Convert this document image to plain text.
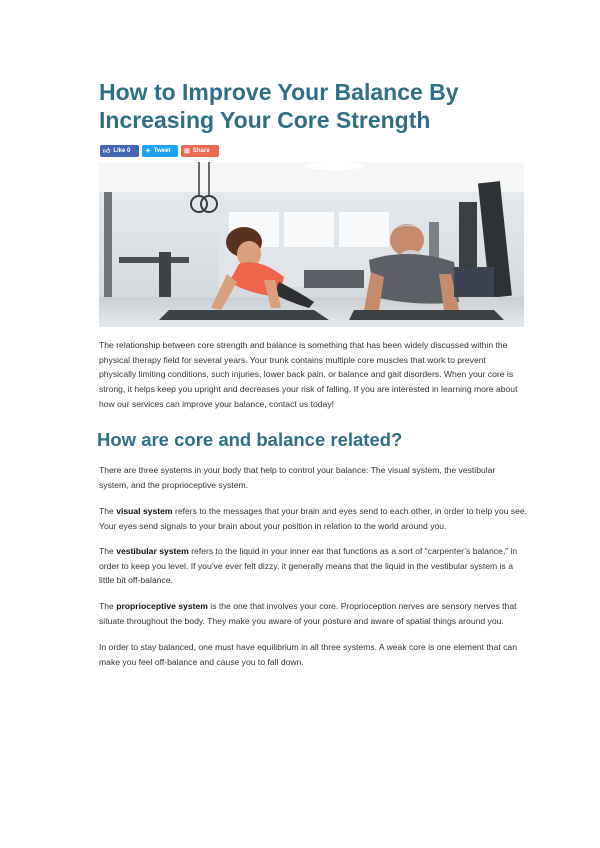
How to Improve Your Balance By
Increasing Your Core Strength
👍︎ Like 0 ✦ Tweet ⊞ Share

The relationship between core strength and balance is something that has been widely discussed within the
physical therapy field for several years. Your trunk contains multiple core muscles that work to prevent
physically limiting conditions, such injuries, lower back pain, or balance and gait disorders. When your core is
strong, it helps keep you upright and decreases your risk of falling. If you are interested in learning more about
how our services can improve your balance, contact us today!

How are core and balance related?

There are three systems in your body that help to control your balance: The visual system, the vestibular
system, and the proprioceptive system.

The visual system refers to the messages that your brain and eyes send to each other, in order to help you see.
Your eyes send signals to your brain about your position in relation to the world around you.

The vestibular system refers to the liquid in your inner ear that functions as a sort of “carpenter’s balance,” in
order to keep you level. If you’ve ever felt dizzy, it generally means that the liquid in the vestibular system is a
little bit off-balance.

The proprioceptive system is the one that involves your core. Proprioception nerves are sensory nerves that
situate throughout the body. They make you aware of your posture and aware of spatial things around you.

In order to stay balanced, one must have equilibrium in all three systems. A weak core is one element that can
make you feel off-balance and cause you to fall down.
